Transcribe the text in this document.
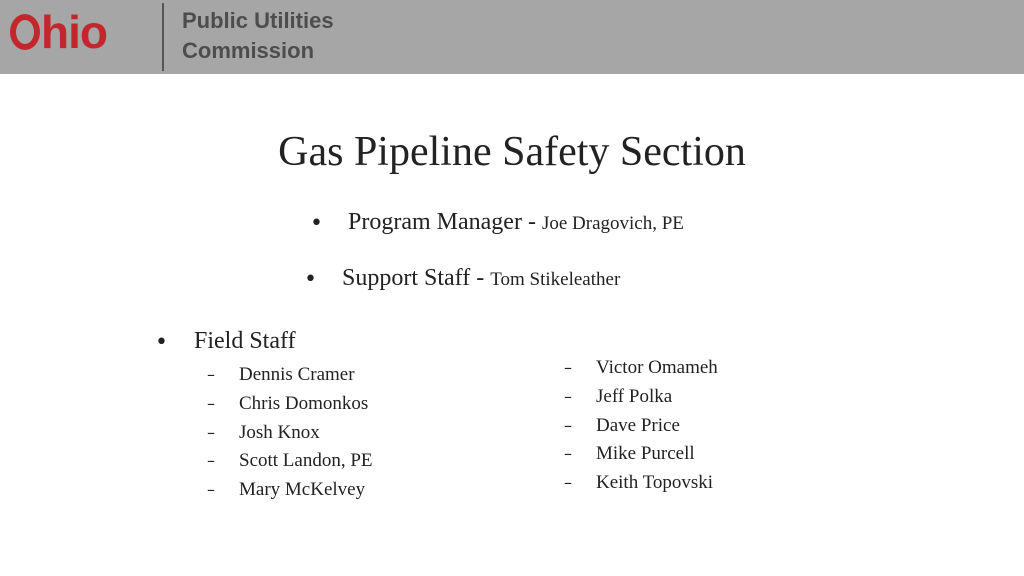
hio	Public Utilities
Commission
Gas Pipeline Safety Section
• Program Manager - Joe Dragovich, PE
• Support Staff - Tom Stikeleather
• Field Staff
– Dennis Cramer
– Chris Domonkos
– Josh Knox
– Scott Landon, PE
– Mary McKelvey
– Victor Omameh
– Jeff Polka
– Dave Price
– Mike Purcell
– Keith Topovski
